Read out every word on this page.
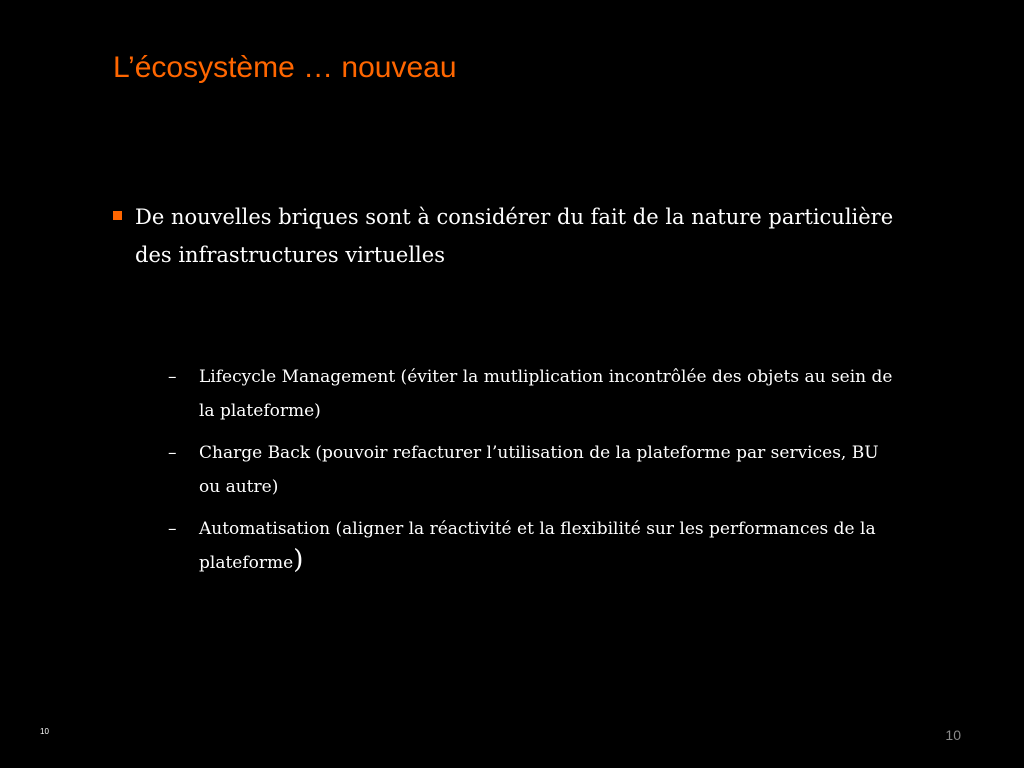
L’écosystème … nouveau
De nouvelles briques sont à considérer du fait de la nature particulière des infrastructures virtuelles
–	Lifecycle Management (éviter la mutliplication incontrôlée des objets au sein de la plateforme)
–	Charge Back (pouvoir refacturer l’utilisation de la plateforme par services, BU ou autre)
–	Automatisation (aligner la réactivité et la flexibilité sur les performances de la plateforme)
10	10
